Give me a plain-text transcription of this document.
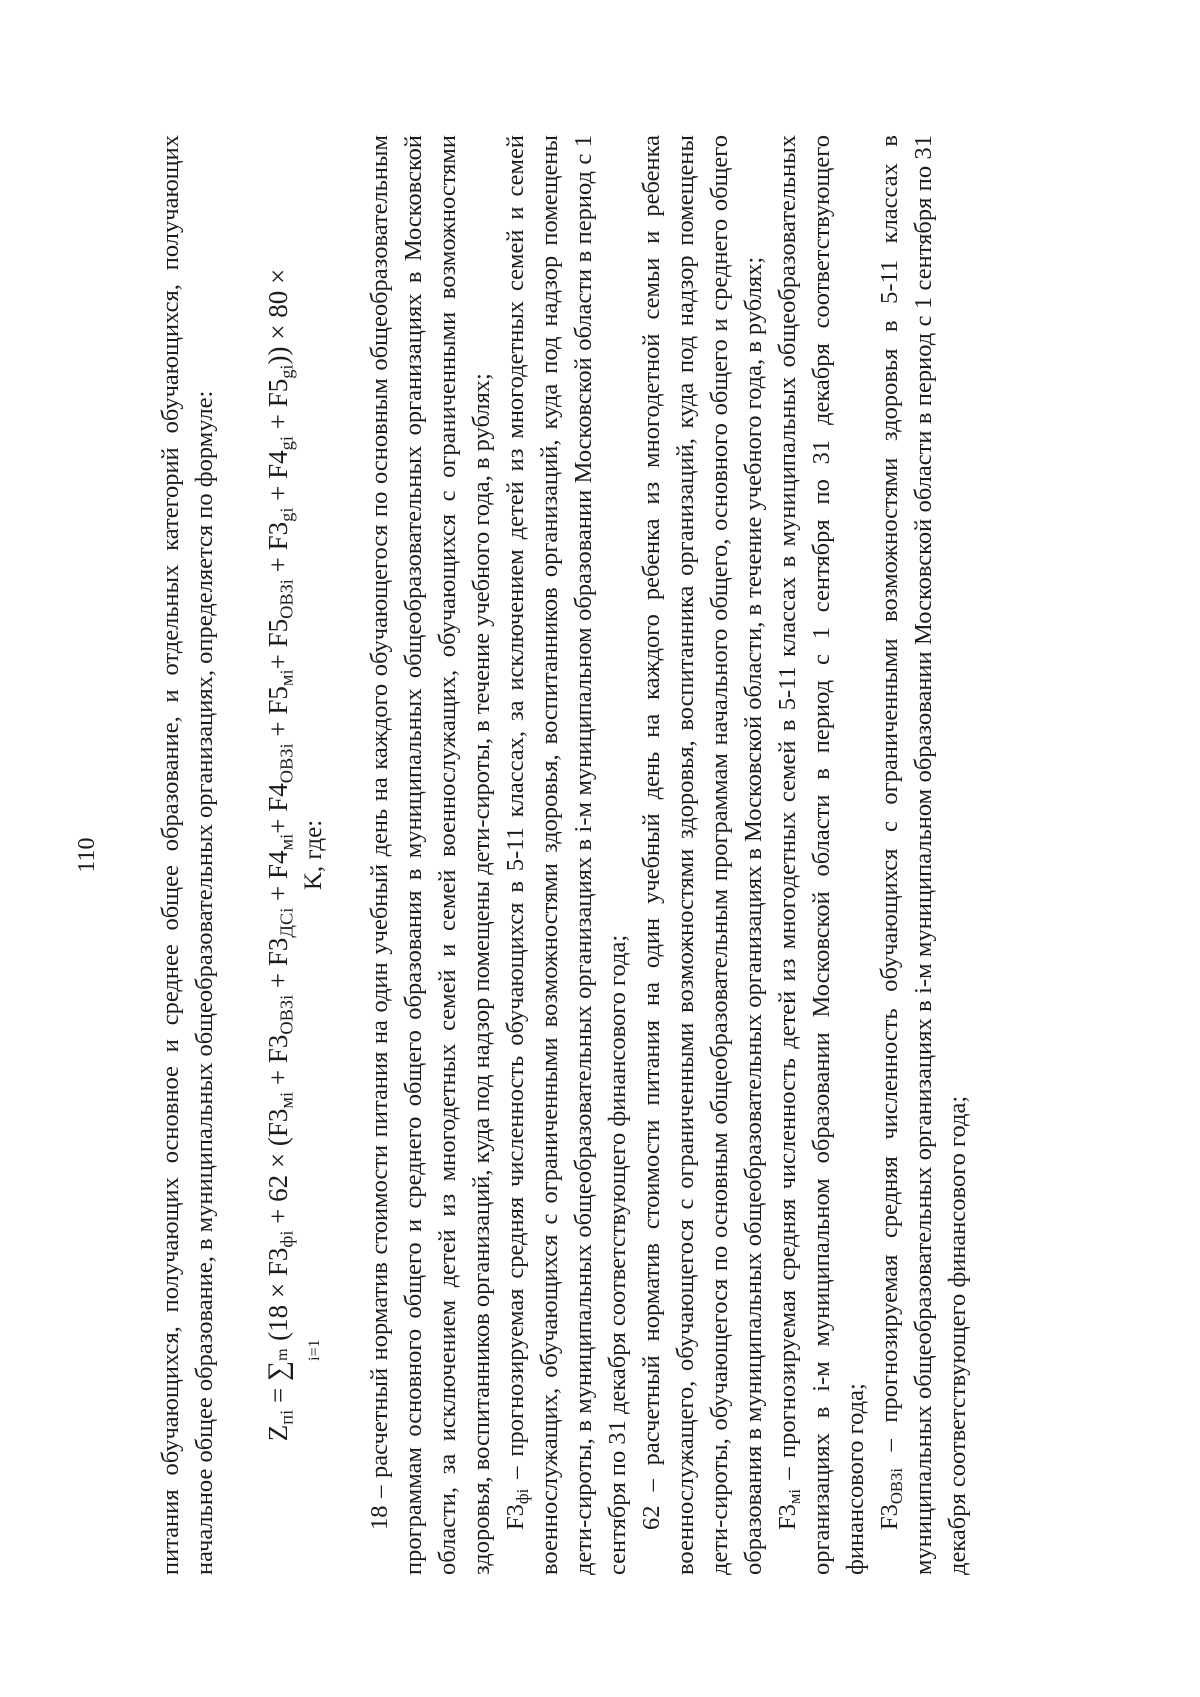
110 питания обучающихся, получающих основное и среднее общее образование, и отдельных категорий обучающихся, получающих начальное общее образование, в муниципальных общеобразовательных организациях, определяется по формуле: $Z_{пi}$ = ∑
m i=1
$(18 \times F3_{фi} + 62 \times (F3_{мi} + F3_{ОВЗi} + F3_{ДСi} + F4_{мi}+ F4_{ОВЗi} + F5_{мi}+ F5_{ОВЗi} + F3_{gi} + F4_{gi} + F5_{gi})) \times 80$ ×
K, где: 18 – расчетный норматив стоимости питания на один учебный день на каждого обучающегося по основным общеобразовательным программам основного общего и среднего общего образования в муниципальных общеобразовательных организациях в Московской области, за исключением детей из многодетных семей и семей военнослужащих, обучающихся с ограниченными возможностями здоровья, воспитанников организаций, куда под надзор помещены дети-сироты, в течение учебного года, в рублях; $F3_{фi}$ – прогнозируемая средняя численность обучающихся в 5-11 классах, за исключением детей из многодетных семей и семей военнослужащих, обучающихся с ограниченными возможностями здоровья, воспитанников организаций, куда под надзор помещены дети-сироты, в муниципальных общеобразовательных организациях в i-м муниципальном образовании Московской области в период с 1 сентября по 31 декабря соответствующего финансового года; 62 – расчетный норматив стоимости питания на один учебный день на каждого ребенка из многодетной семьи и ребенка военнослужащего, обучающегося с ограниченными возможностями здоровья, воспитанника организаций, куда под надзор помещены дети-сироты, обучающегося по основным общеобразовательным программам начального общего, основного общего и среднего общего образования в муниципальных общеобразовательных организациях в Московской области, в течение учебного года, в рублях; $F3_{мi}$ – прогнозируемая средняя численность детей из многодетных семей в 5-11 классах в муниципальных общеобразовательных организациях в i-м муниципальном образовании Московской области в период с 1 сентября по 31 декабря соответствующего финансового года; $F3_{ОВЗi}$ – прогнозируемая средняя численность обучающихся с ограниченными возможностями здоровья в 5-11 классах в муниципальных общеобразовательных организациях в i-м муниципальном образовании Московской области в период с 1 сентября по 31 декабря соответствующего финансового года;
